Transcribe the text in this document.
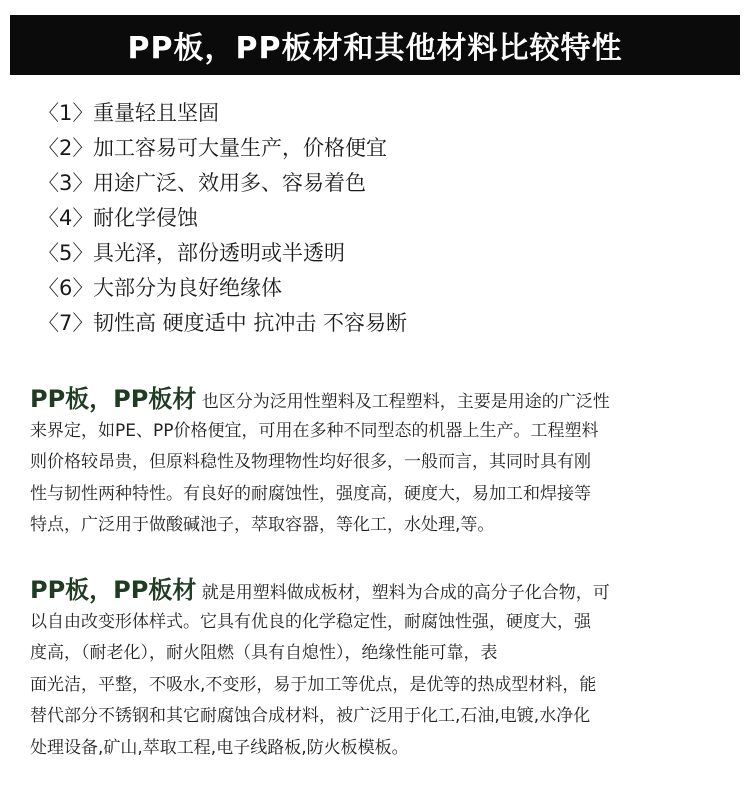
PP板，PP板材和其他材料比较特性
〈1〉重量轻且坚固
〈2〉加工容易可大量生产，价格便宜
〈3〉用途广泛、效用多、容易着色
〈4〉耐化学侵蚀
〈5〉具光泽，部份透明或半透明
〈6〉大部分为良好绝缘体
〈7〉韧性高 硬度适中 抗冲击 不容易断
PP板，PP板材 也区分为泛用性塑料及工程塑料，主要是用途的广泛性
来界定，如PE、PP价格便宜，可用在多种不同型态的机器上生产。工程塑料
则价格较昂贵，但原料稳性及物理物性均好很多，一般而言，其同时具有刚
性与韧性两种特性。有良好的耐腐蚀性，强度高，硬度大，易加工和焊接等
特点，广泛用于做酸碱池子，萃取容器，等化工，水处理,等。
PP板，PP板材 就是用塑料做成板材，塑料为合成的高分子化合物，可
以自由改变形体样式。它具有优良的化学稳定性，耐腐蚀性强，硬度大，强
度高，（耐老化），耐火阻燃（具有自熄性），绝缘性能可靠，表
面光洁，平整，不吸水,不变形，易于加工等优点，是优等的热成型材料，能
替代部分不锈钢和其它耐腐蚀合成材料，被广泛用于化工,石油,电镀,水净化
处理设备,矿山,萃取工程,电子线路板,防火板模板。
